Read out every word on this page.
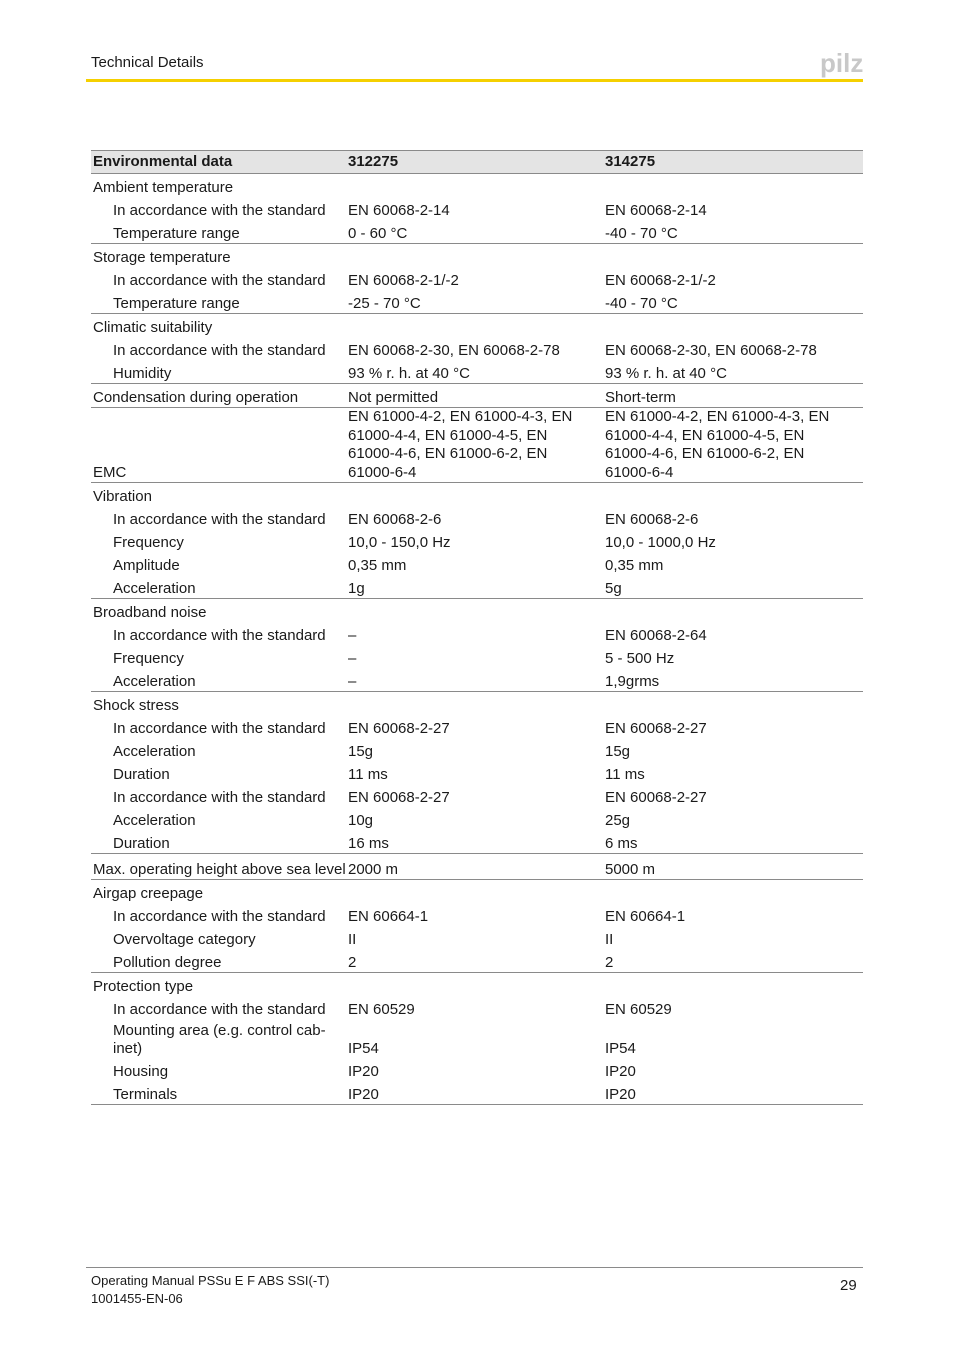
Technical Details	pilz
Environmental data	312275	314275
Ambient temperature		
In accordance with the standard	EN 60068-2-14	EN 60068-2-14
Temperature range	0 - 60 °C	-40 - 70 °C
Storage temperature		
In accordance with the standard	EN 60068-2-1/-2	EN 60068-2-1/-2
Temperature range	-25 - 70 °C	-40 - 70 °C
Climatic suitability		
In accordance with the standard	EN 60068-2-30, EN 60068-2-78	EN 60068-2-30, EN 60068-2-78
Humidity	93 % r. h. at 40 °C	93 % r. h. at 40 °C
Condensation during operation	Not permitted	Short-term
EMC	EN 61000-4-2, EN 61000-4-3, EN 61000-4-4, EN 61000-4-5, EN 61000-4-6, EN 61000-6-2, EN 61000-6-4	EN 61000-4-2, EN 61000-4-3, EN 61000-4-4, EN 61000-4-5, EN 61000-4-6, EN 61000-6-2, EN 61000-6-4
Vibration		
In accordance with the standard	EN 60068-2-6	EN 60068-2-6
Frequency	10,0 - 150,0 Hz	10,0 - 1000,0 Hz
Amplitude	0,35 mm	0,35 mm
Acceleration	1g	5g
Broadband noise		
In accordance with the standard	–	EN 60068-2-64
Frequency	–	5 - 500 Hz
Acceleration	–	1,9grms
Shock stress		
In accordance with the standard	EN 60068-2-27	EN 60068-2-27
Acceleration	15g	15g
Duration	11 ms	11 ms
In accordance with the standard	EN 60068-2-27	EN 60068-2-27
Acceleration	10g	25g
Duration	16 ms	6 ms
Max. operating height above sea level	2000 m	5000 m
Airgap creepage		
In accordance with the standard	EN 60664-1	EN 60664-1
Overvoltage category	II	II
Pollution degree	2	2
Protection type		
In accordance with the standard	EN 60529	EN 60529
Mounting area (e.g. control cab-inet)	IP54	IP54
Housing	IP20	IP20
Terminals	IP20	IP20
Operating Manual PSSu E F ABS SSI(-T)
1001455-EN-06
29
